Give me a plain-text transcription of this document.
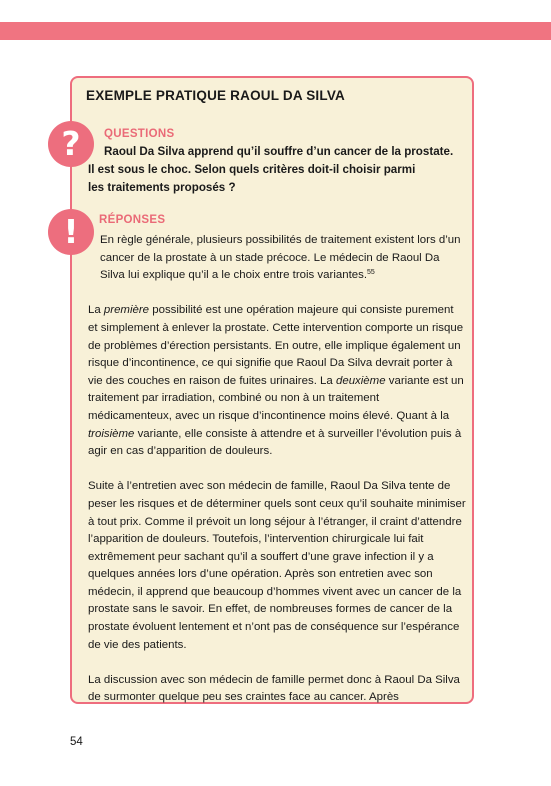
EXEMPLE PRATIQUE RAOUL DA SILVA
?	QUESTIONS
Raoul Da Silva apprend qu’il souffre d’un cancer de la prostate.
Il est sous le choc. Selon quels critères doit-il choisir parmi
les traitements proposés ?
!	RÉPONSES

En règle générale, plusieurs possibilités de traitement existent lors d’un cancer de la prostate à un stade précoce. Le médecin de Raoul Da Silva lui explique qu’il a le choix entre trois variantes.$^{55}$

La première possibilité est une opération majeure qui consiste purement et simplement à enlever la prostate. Cette intervention comporte un risque de problèmes d’érection persistants. En outre, elle implique également un risque d’incontinence, ce qui signifie que Raoul Da Silva devrait porter à vie des couches en raison de fuites urinaires. La deuxième variante est un traitement par irradiation, combiné ou non à un traitement médicamenteux, avec un risque d’incontinence moins élevé. Quant à la troisième variante, elle consiste à attendre et à surveiller l’évolution puis à agir en cas d’apparition de douleurs.

Suite à l’entretien avec son médecin de famille, Raoul Da Silva tente de peser les risques et de déterminer quels sont ceux qu’il souhaite minimiser à tout prix. Comme il prévoit un long séjour à l’étranger, il craint d’attendre l’apparition de douleurs. Toutefois, l’intervention chirurgicale lui fait extrêmement peur sachant qu’il a souffert d’une grave infection il y a quelques années lors d’une opération. Après son entretien avec son médecin, il apprend que beaucoup d’hommes vivent avec un cancer de la prostate sans le savoir. En effet, de nombreuses formes de cancer de la prostate évoluent lentement et n’ont pas de conséquence sur l’espérance de vie des patients.

La discussion avec son médecin de famille permet donc à Raoul Da Silva de surmonter quelque peu ses craintes face au cancer. Après

54
